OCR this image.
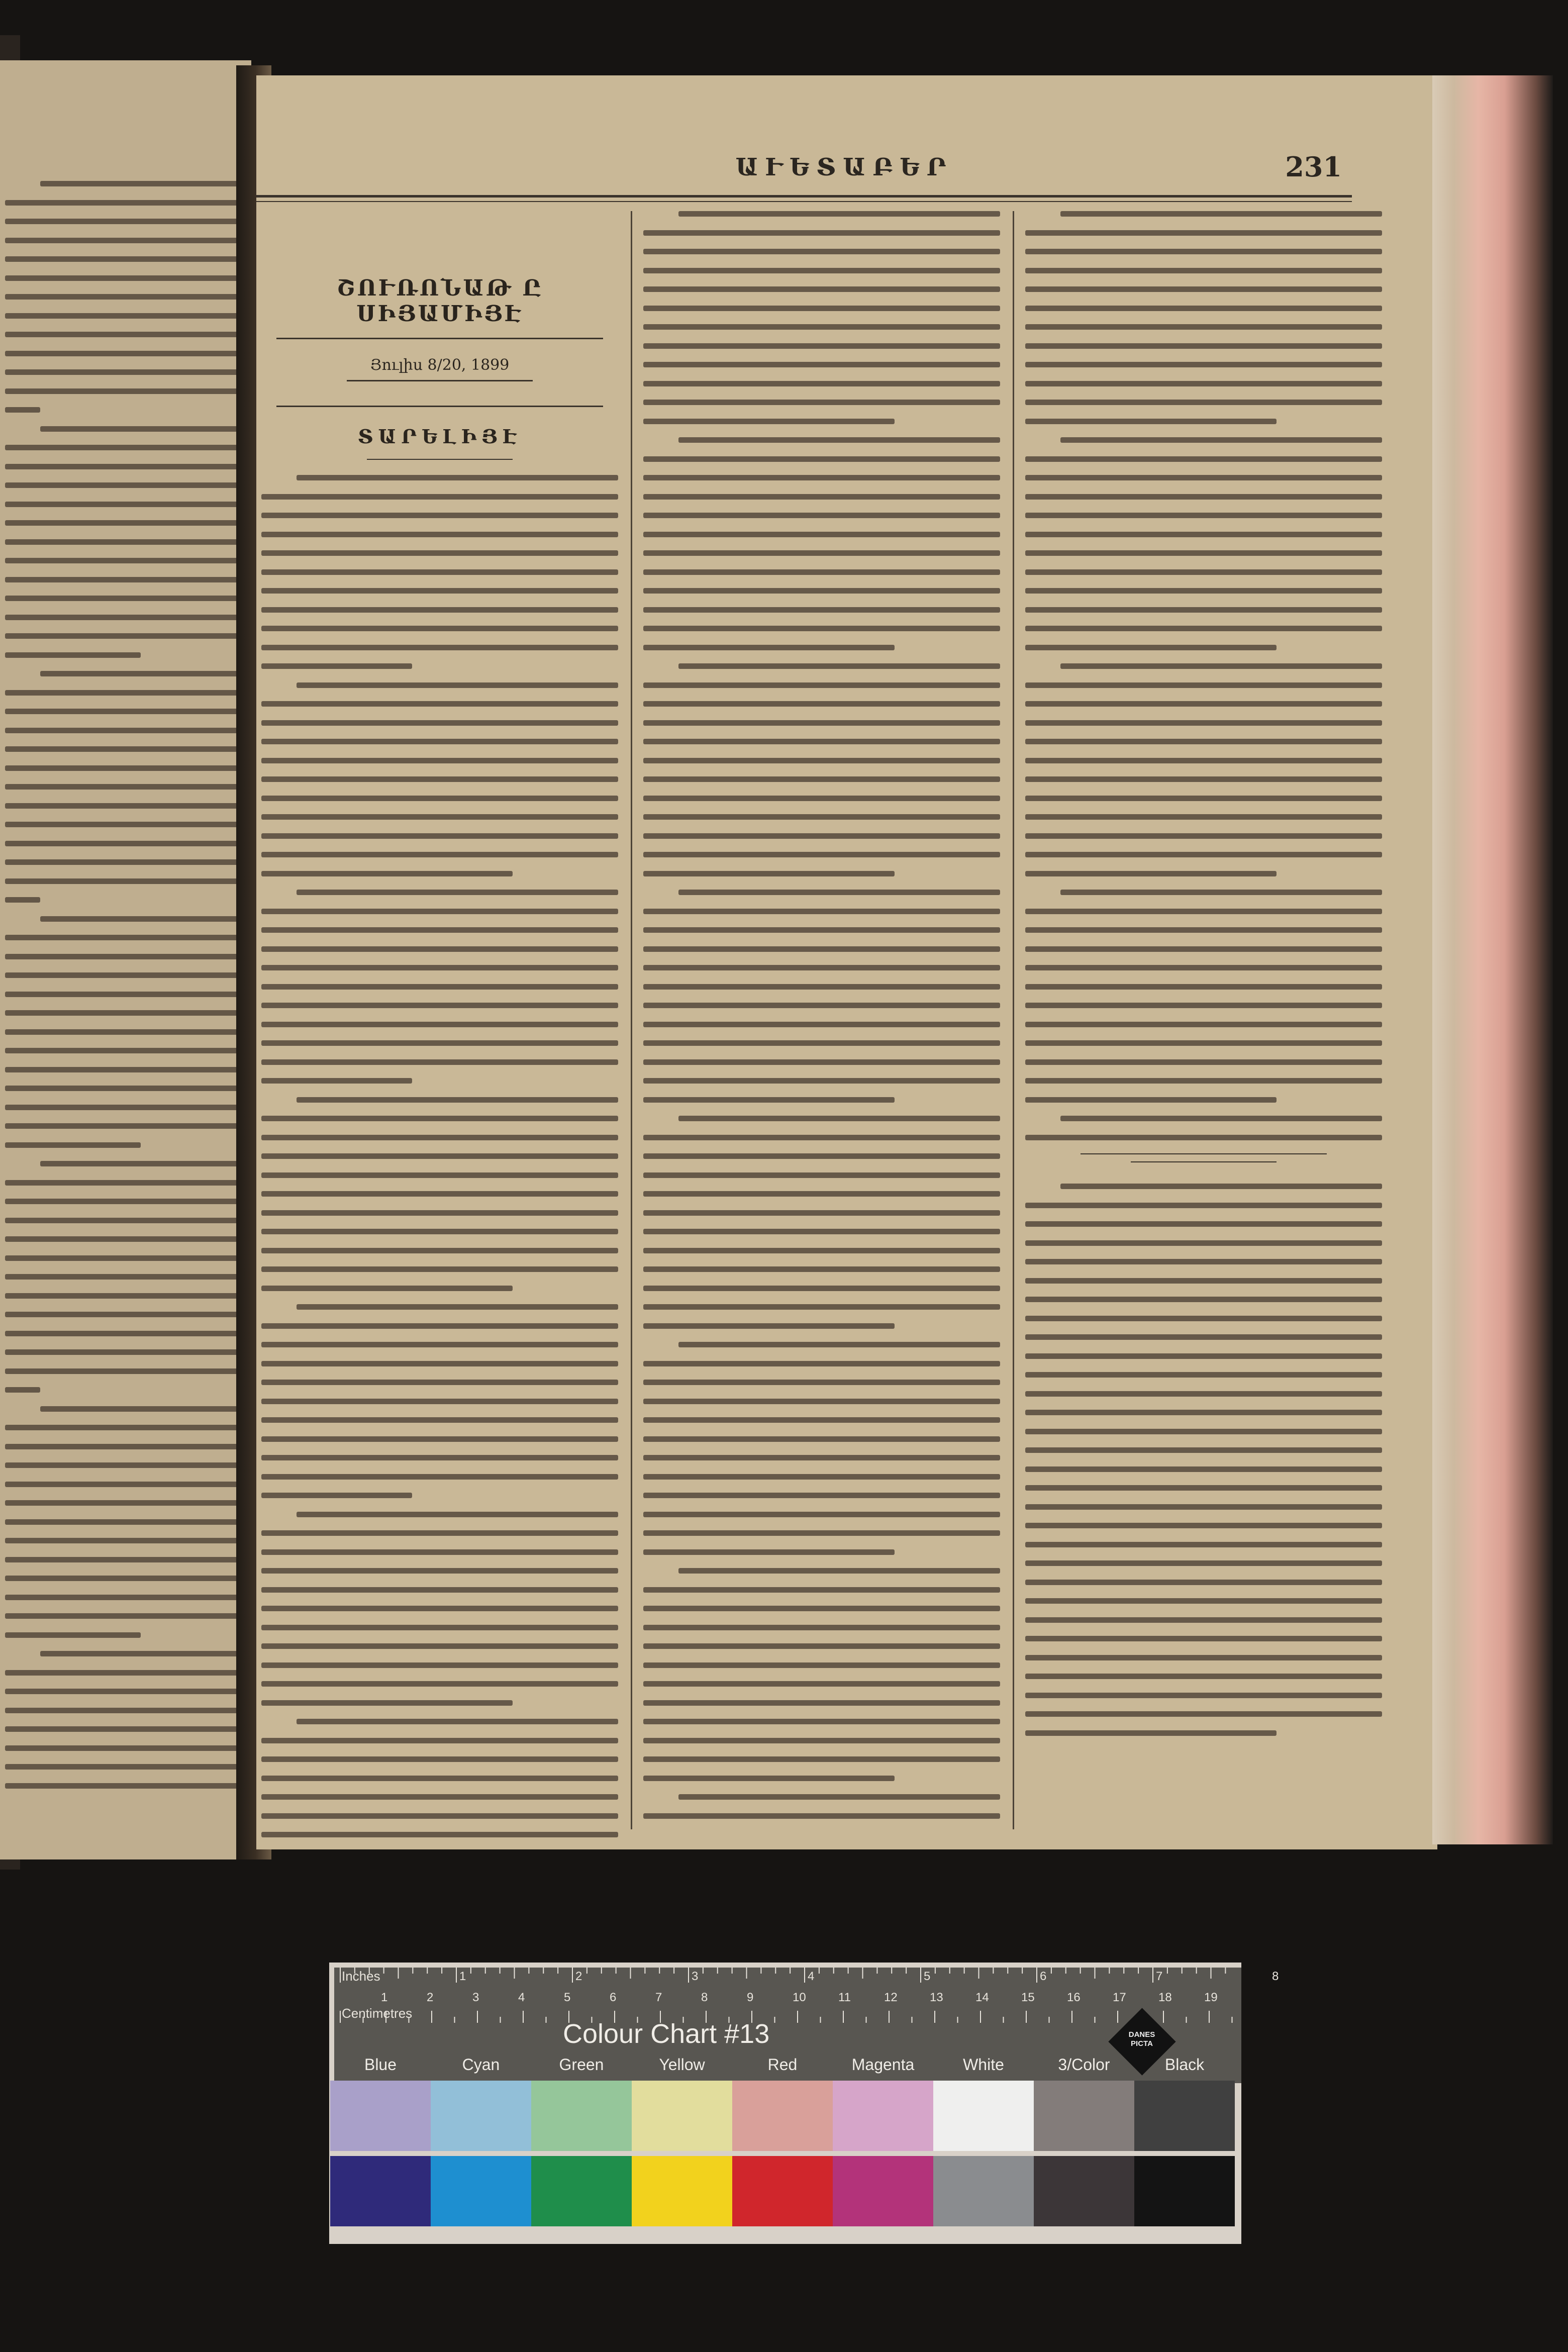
ԱՒԵՏԱԲԵՐ	231
ՇՈՒՌՈՆԱԹ Ը ՍԻՅԱՄԻՅԷ
Յուլիս 8/20, 1899
ՏԱՐԵԼԻՅԷ
Inches
Centimetres
1	2	3	4	5	6	7	8
1	2	3	4	5	6	7	8	9	10	11	12	13	14	15	16	17	18	19
Colour Chart #13	DANES PICTA
Blue	Cyan	Green	Yellow	Red	Magenta	White	3/Color	Black
